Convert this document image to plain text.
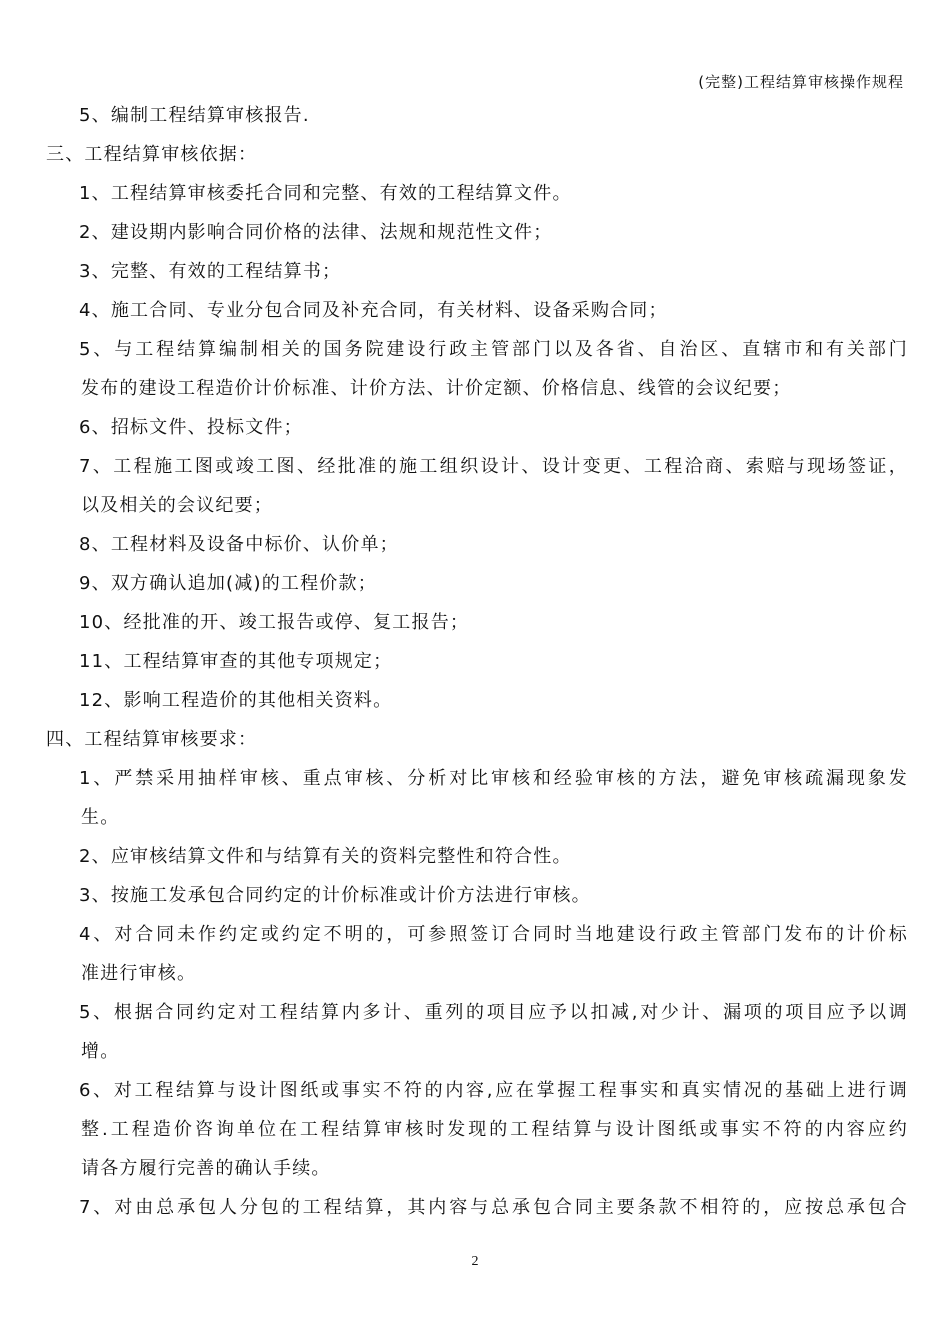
(完整)工程结算审核操作规程
5、编制工程结算审核报告.
三、工程结算审核依据：
1、工程结算审核委托合同和完整、有效的工程结算文件。
2、建设期内影响合同价格的法律、法规和规范性文件；
3、完整、有效的工程结算书；
4、施工合同、专业分包合同及补充合同，有关材料、设备采购合同；
5、与工程结算编制相关的国务院建设行政主管部门以及各省、自治区、直辖市和有关部门
发布的建设工程造价计价标准、计价方法、计价定额、价格信息、线管的会议纪要；
6、招标文件、投标文件；
7、工程施工图或竣工图、经批准的施工组织设计、设计变更、工程洽商、索赔与现场签证，
以及相关的会议纪要；
8、工程材料及设备中标价、认价单；
9、双方确认追加(减)的工程价款；
10、经批准的开、竣工报告或停、复工报告；
11、工程结算审查的其他专项规定；
12、影响工程造价的其他相关资料。
四、工程结算审核要求：
1、严禁采用抽样审核、重点审核、分析对比审核和经验审核的方法，避免审核疏漏现象发
生。
2、应审核结算文件和与结算有关的资料完整性和符合性。
3、按施工发承包合同约定的计价标准或计价方法进行审核。
4、对合同未作约定或约定不明的，可参照签订合同时当地建设行政主管部门发布的计价标
准进行审核。
5、根据合同约定对工程结算内多计、重列的项目应予以扣减,对少计、漏项的项目应予以调
增。
6、对工程结算与设计图纸或事实不符的内容,应在掌握工程事实和真实情况的基础上进行调
整.工程造价咨询单位在工程结算审核时发现的工程结算与设计图纸或事实不符的内容应约
请各方履行完善的确认手续。
7、对由总承包人分包的工程结算，其内容与总承包合同主要条款不相符的，应按总承包合
2
